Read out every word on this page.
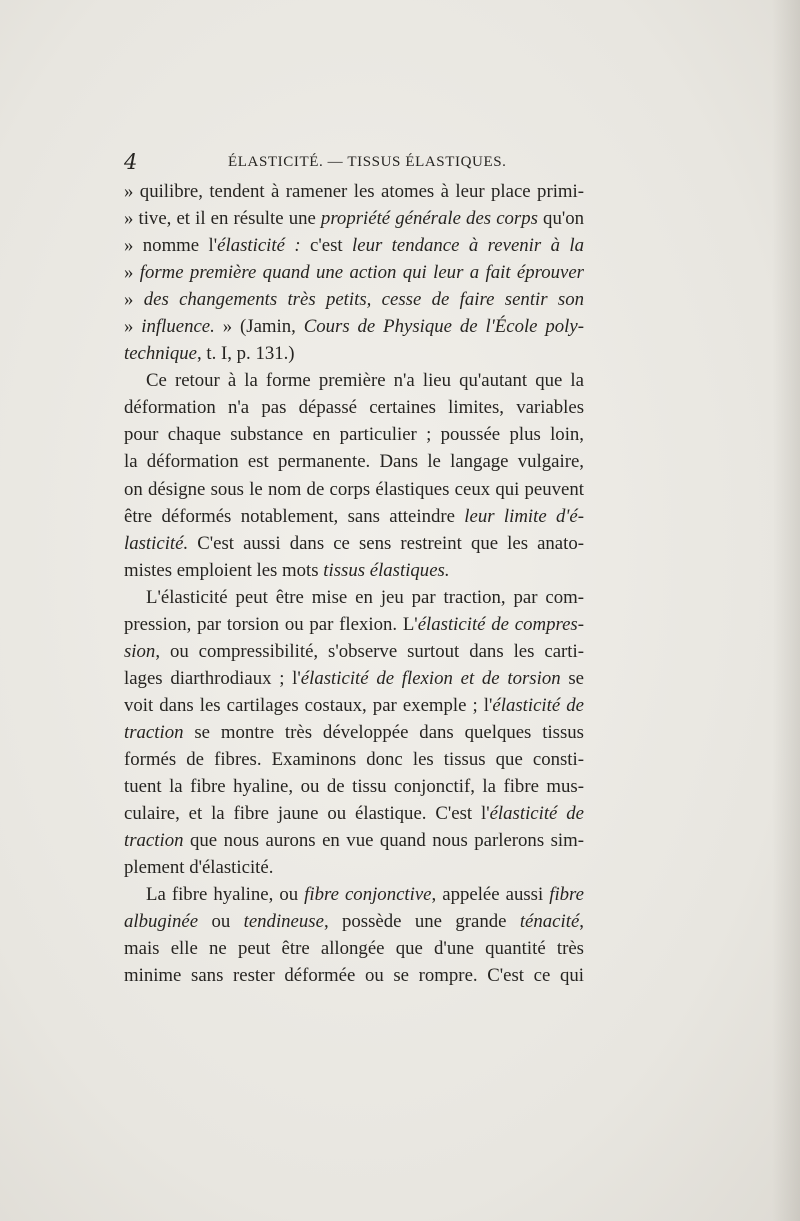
4	ÉLASTICITÉ. — TISSUS ÉLASTIQUES.
» quilibre, tendent à ramener les atomes à leur place primi-
» tive, et il en résulte une propriété générale des corps qu'on
» nomme l'élasticité : c'est leur tendance à revenir à la
» forme première quand une action qui leur a fait éprouver
» des changements très petits, cesse de faire sentir son
» influence. » (Jamin, Cours de Physique de l'École poly-
technique, t. I, p. 131.)
Ce retour à la forme première n'a lieu qu'autant que la
déformation n'a pas dépassé certaines limites, variables
pour chaque substance en particulier ; poussée plus loin,
la déformation est permanente. Dans le langage vulgaire,
on désigne sous le nom de corps élastiques ceux qui peuvent
être déformés notablement, sans atteindre leur limite d'é-
lasticité. C'est aussi dans ce sens restreint que les anato-
mistes emploient les mots tissus élastiques.
L'élasticité peut être mise en jeu par traction, par com-
pression, par torsion ou par flexion. L'élasticité de compres-
sion, ou compressibilité, s'observe surtout dans les carti-
lages diarthrodiaux ; l'élasticité de flexion et de torsion se
voit dans les cartilages costaux, par exemple ; l'élasticité de
traction se montre très développée dans quelques tissus
formés de fibres. Examinons donc les tissus que consti-
tuent la fibre hyaline, ou de tissu conjonctif, la fibre mus-
culaire, et la fibre jaune ou élastique. C'est l'élasticité de
traction que nous aurons en vue quand nous parlerons sim-
plement d'élasticité.
La fibre hyaline, ou fibre conjonctive, appelée aussi fibre
albuginée ou tendineuse, possède une grande ténacité,
mais elle ne peut être allongée que d'une quantité très
minime sans rester déformée ou se rompre. C'est ce qui
